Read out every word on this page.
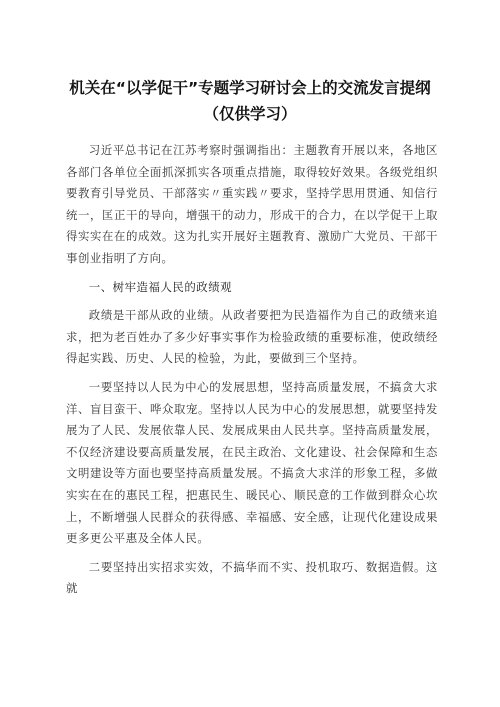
机关在“以学促干”专题学习研讨会上的交流发言提纲（仅供学习）

习近平总书记在江苏考察时强调指出：主题教育开展以来，各地区各部门各单位全面抓深抓实各项重点措施，取得较好效果。各级党组织要教育引导党员、干部落实〃重实践〃要求，坚持学思用贯通、知信行统一，匡正干的导向，增强干的动力，形成干的合力，在以学促干上取得实实在在的成效。这为扎实开展好主题教育、激励广大党员、干部干事创业指明了方向。

一、树牢造福人民的政绩观

政绩是干部从政的业绩。从政者要把为民造福作为自己的政绩来追求，把为老百姓办了多少好事实事作为检验政绩的重要标准，使政绩经得起实践、历史、人民的检验，为此，要做到三个坚持。

一要坚持以人民为中心的发展思想，坚持高质量发展，不搞贪大求洋、盲目蛮干、哗众取宠。坚持以人民为中心的发展思想，就要坚持发展为了人民、发展依靠人民、发展成果由人民共享。坚持高质量发展，不仅经济建设要高质量发展，在民主政治、文化建设、社会保障和生态文明建设等方面也要坚持高质量发展。不搞贪大求洋的形象工程，多做实实在在的惠民工程，把惠民生、暖民心、顺民意的工作做到群众心坎上，不断增强人民群众的获得感、幸福感、安全感，让现代化建设成果更多更公平惠及全体人民。

二要坚持出实招求实效，不搞华而不实、投机取巧、数据造假。这就
